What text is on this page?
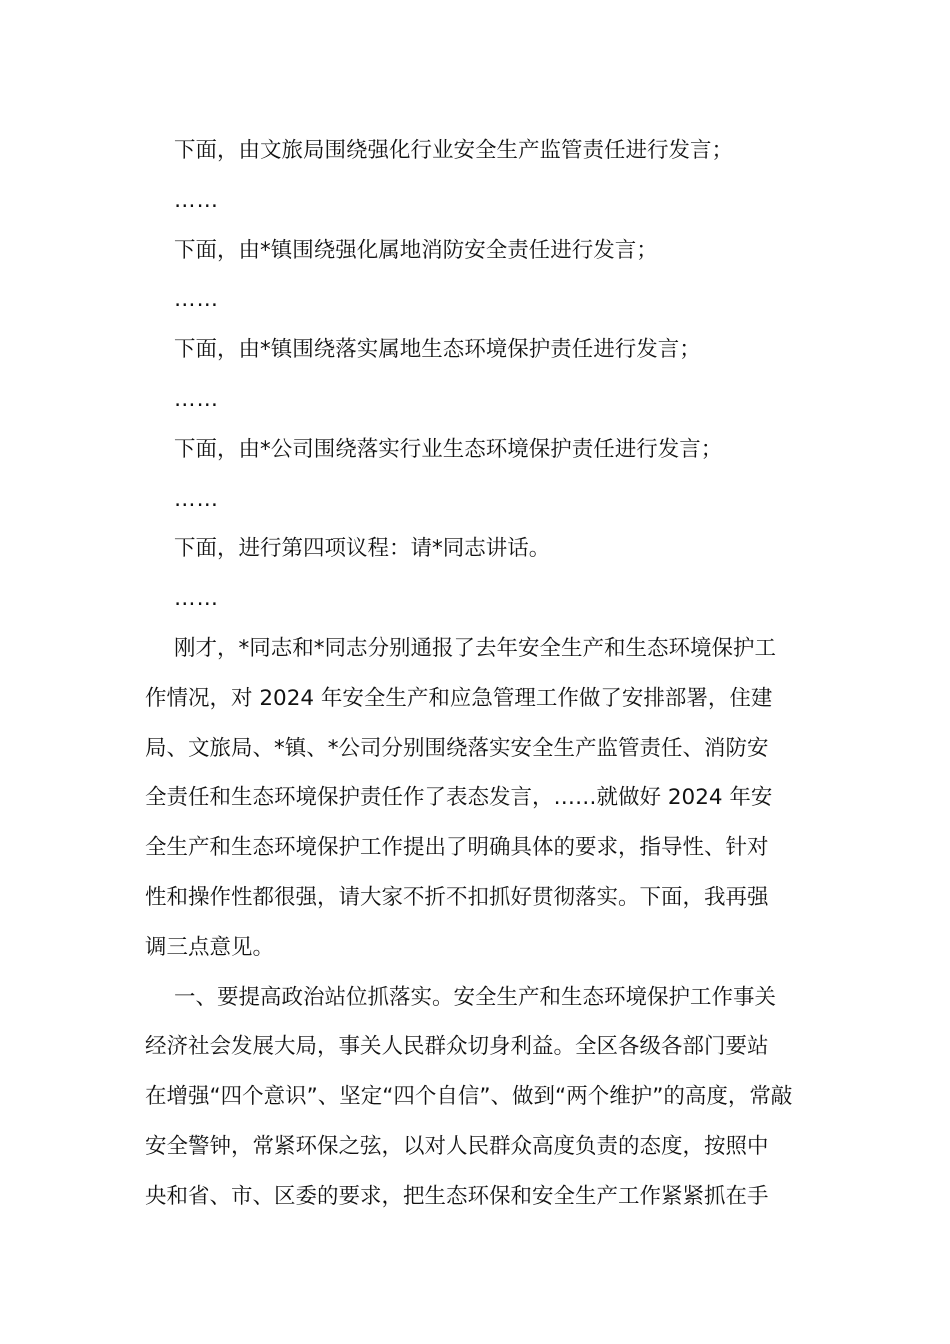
下面，由文旅局围绕强化行业安全生产监管责任进行发言；
……
下面，由*镇围绕强化属地消防安全责任进行发言；
……
下面，由*镇围绕落实属地生态环境保护责任进行发言；
……
下面，由*公司围绕落实行业生态环境保护责任进行发言；
……
下面，进行第四项议程：请*同志讲话。
……
刚才，*同志和*同志分别通报了去年安全生产和生态环境保护工
作情况，对 2024 年安全生产和应急管理工作做了安排部署，住建
局、文旅局、*镇、*公司分别围绕落实安全生产监管责任、消防安
全责任和生态环境保护责任作了表态发言，……就做好 2024 年安
全生产和生态环境保护工作提出了明确具体的要求，指导性、针对
性和操作性都很强，请大家不折不扣抓好贯彻落实。下面，我再强
调三点意见。
一、要提高政治站位抓落实。安全生产和生态环境保护工作事关
经济社会发展大局，事关人民群众切身利益。全区各级各部门要站
在增强“四个意识”、坚定“四个自信”、做到“两个维护”的高度，常敲
安全警钟，常紧环保之弦，以对人民群众高度负责的态度，按照中
央和省、市、区委的要求，把生态环保和安全生产工作紧紧抓在手
